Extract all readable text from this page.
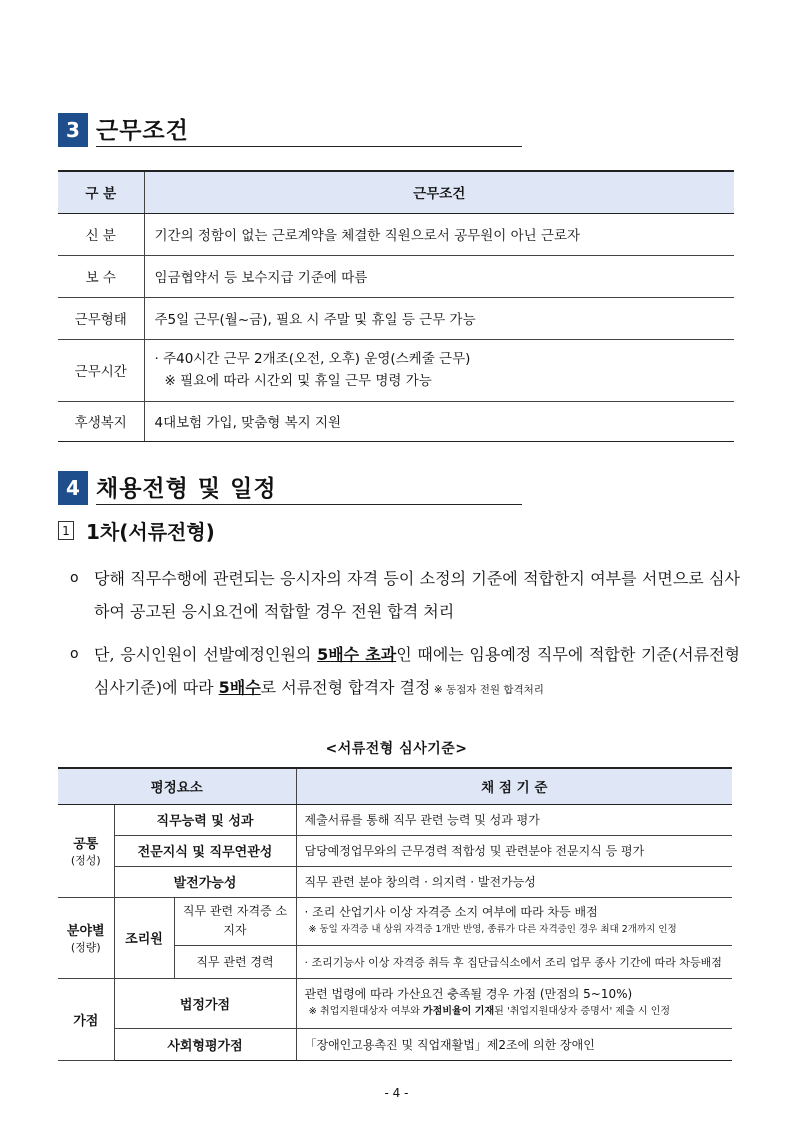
3 근무조건
구 분	근무조건
신 분	기간의 정함이 없는 근로계약을 체결한 직원으로서 공무원이 아닌 근로자
보 수	임금협약서 등 보수지급 기준에 따름
근무형태	주5일 근무(월~금), 필요 시 주말 및 휴일 등 근무 가능
근무시간	· 주40시간 근무 2개조(오전, 오후) 운영(스케줄 근무)
※ 필요에 따라 시간외 및 휴일 근무 명령 가능

후생복지	4대보험 가입, 맞춤형 복지 지원
4 채용전형 및 일정
1 1차(서류전형)
o 당해 직무수행에 관련되는 응시자의 자격 등이 소정의 기준에 적합한지 여부를 서면으로 심사하여 공고된 응시요건에 적합할 경우 전원 합격 처리
o 단, 응시인원이 선발예정인원의 5배수 초과인 때에는 임용예정 직무에 적합한 기준(서류전형 심사기준)에 따라 5배수로 서류전형 합격자 결정 ※ 동점자 전원 합격처리
<서류전형 심사기준>
평정요소			채 점 기 준

공통
(정성)	직무능력 및 성과		제출서류를 통해 직무 관련 능력 및 성과 평가
	전문지식 및 직무연관성		담당예정업무와의 근무경력 적합성 및 관련분야 전문지식 등 평가
	발전가능성		직무 관련 분야 창의력 · 의지력 · 발전가능성

분야별
(정량)	조리원	직무 관련 자격증 소지자	· 조리 산업기사 이상 자격증 소지 여부에 따라 차등 배점
※ 동일 자격증 내 상위 자격증 1개만 반영, 종류가 다른 자격증인 경우 최대 2개까지 인정

		직무 관련 경력	· 조리기능사 이상 자격증 취득 후 집단급식소에서 조리 업무 종사 기간에 따라 차등배점
가점	법정가점		관련 법령에 따라 가산요건 충족될 경우 가점 (만점의 5~10%)
※ 취업지원대상자 여부와 가점비율이 기재된 '취업지원대상자 증명서' 제출 시 인정

	사회형평가점		「장애인고용촉진 및 직업재활법」제2조에 의한 장애인
- 4 -
